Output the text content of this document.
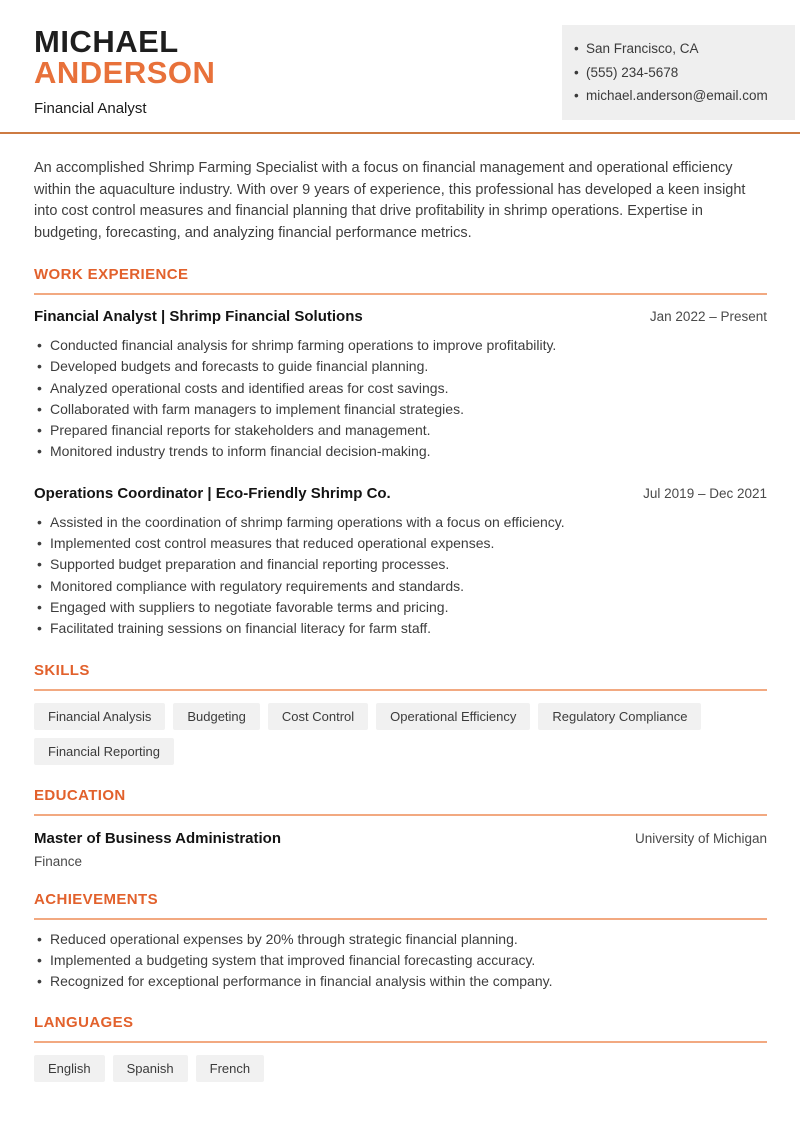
MICHAEL
ANDERSON
Financial Analyst
• San Francisco, CA
• (555) 234-5678
• michael.anderson@email.com

An accomplished Shrimp Farming Specialist with a focus on financial management and operational efficiency within the aquaculture industry. With over 9 years of experience, this professional has developed a keen insight into cost control measures and financial planning that drive profitability in shrimp operations. Expertise in budgeting, forecasting, and analyzing financial performance metrics.

WORK EXPERIENCE
Financial Analyst | Shrimp Financial Solutions	Jan 2022 – Present
• Conducted financial analysis for shrimp farming operations to improve profitability.
• Developed budgets and forecasts to guide financial planning.
• Analyzed operational costs and identified areas for cost savings.
• Collaborated with farm managers to implement financial strategies.
• Prepared financial reports for stakeholders and management.
• Monitored industry trends to inform financial decision-making.
Operations Coordinator | Eco-Friendly Shrimp Co.	Jul 2019 – Dec 2021
• Assisted in the coordination of shrimp farming operations with a focus on efficiency.
• Implemented cost control measures that reduced operational expenses.
• Supported budget preparation and financial reporting processes.
• Monitored compliance with regulatory requirements and standards.
• Engaged with suppliers to negotiate favorable terms and pricing.
• Facilitated training sessions on financial literacy for farm staff.
SKILLS
Financial Analysis	Budgeting	Cost Control	Operational Efficiency	Regulatory Compliance
Financial Reporting
EDUCATION
Master of Business Administration	University of Michigan
Finance
ACHIEVEMENTS
• Reduced operational expenses by 20% through strategic financial planning.
• Implemented a budgeting system that improved financial forecasting accuracy.
• Recognized for exceptional performance in financial analysis within the company.
LANGUAGES
English	Spanish	French
